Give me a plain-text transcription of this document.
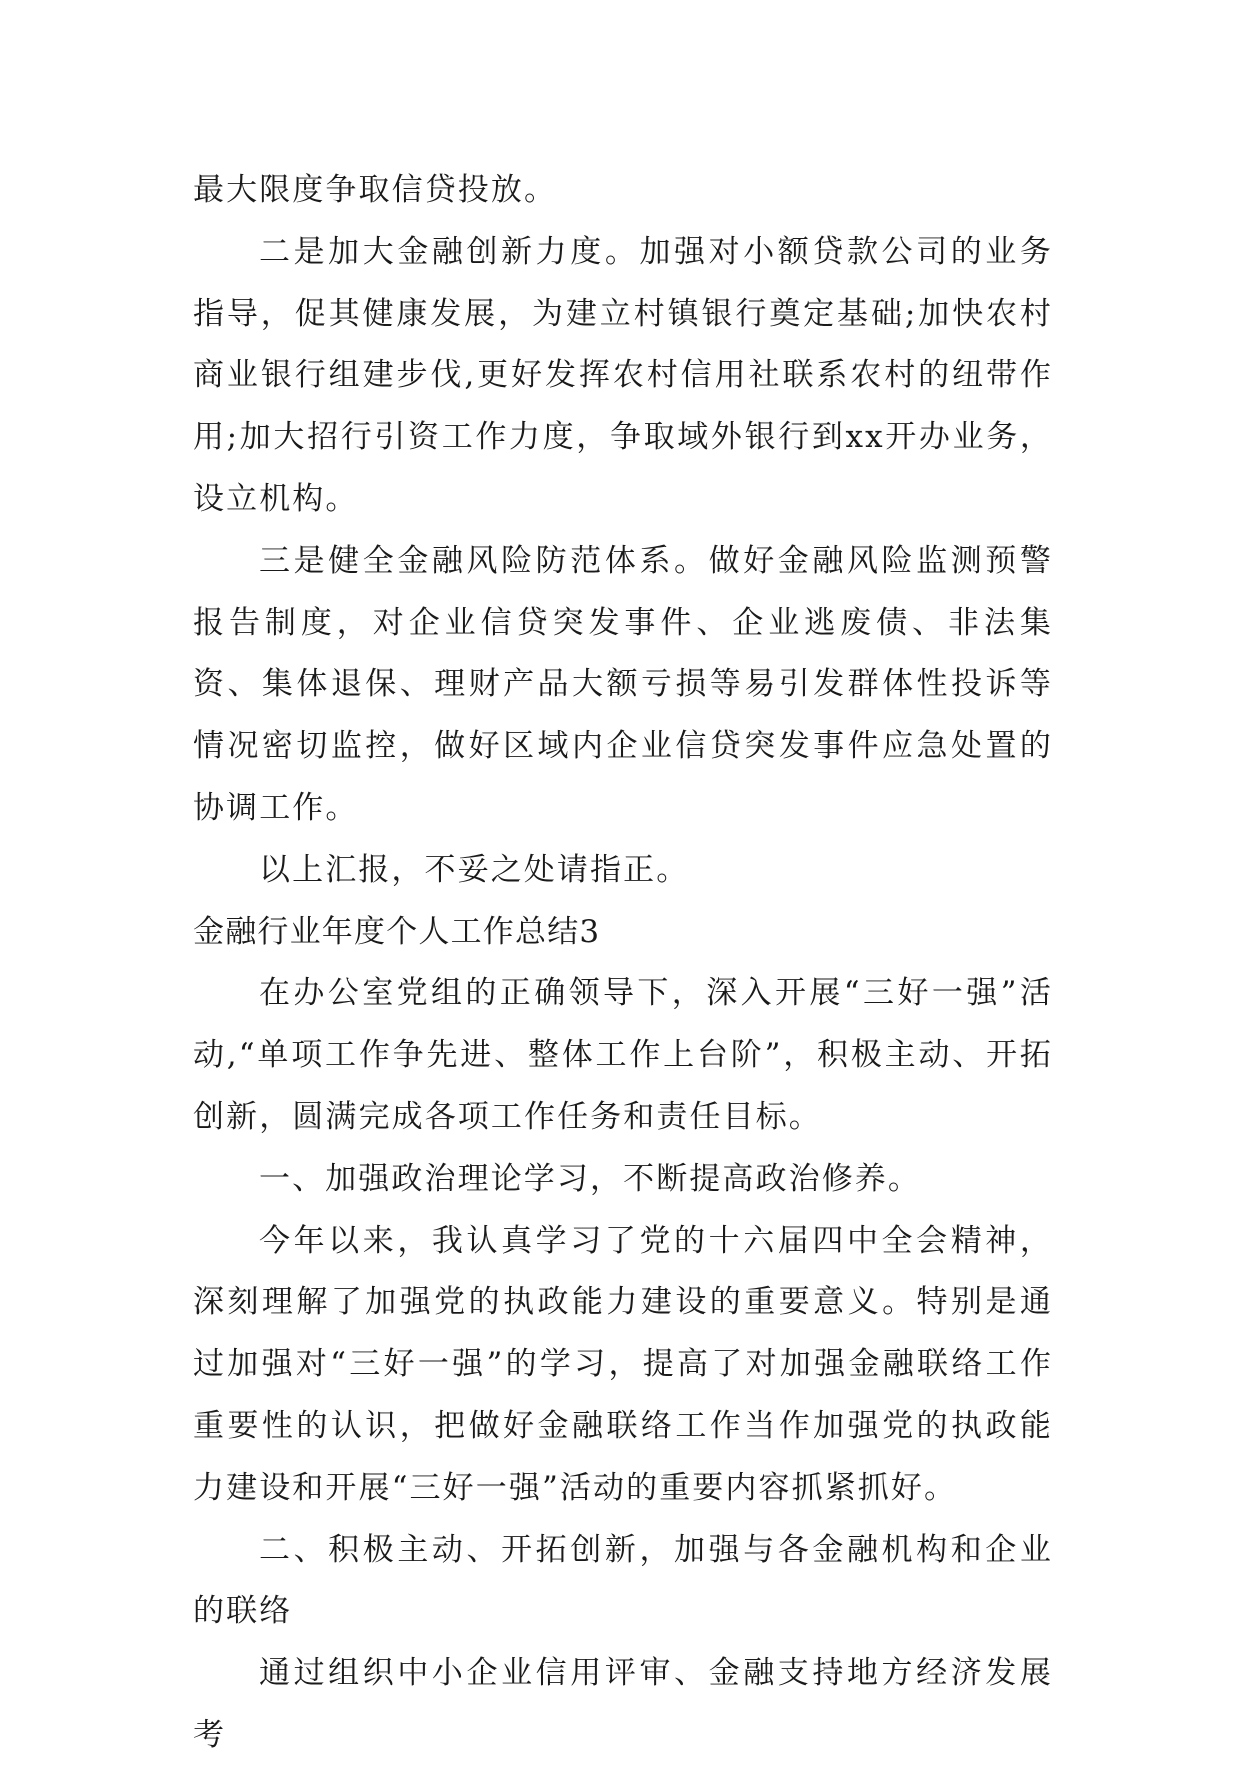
最大限度争取信贷投放。

二是加大金融创新力度。加强对小额贷款公司的业务指导，促其健康发展，为建立村镇银行奠定基础;加快农村商业银行组建步伐,更好发挥农村信用社联系农村的纽带作用;加大招行引资工作力度，争取域外银行到xx开办业务，设立机构。

三是健全金融风险防范体系。做好金融风险监测预警报告制度，对企业信贷突发事件、企业逃废债、非法集资、集体退保、理财产品大额亏损等易引发群体性投诉等情况密切监控，做好区域内企业信贷突发事件应急处置的协调工作。

以上汇报，不妥之处请指正。

金融行业年度个人工作总结3

在办公室党组的正确领导下，深入开展“三好一强”活动,“单项工作争先进、整体工作上台阶”，积极主动、开拓创新，圆满完成各项工作任务和责任目标。

一、加强政治理论学习，不断提高政治修养。

今年以来，我认真学习了党的十六届四中全会精神，深刻理解了加强党的执政能力建设的重要意义。特别是通过加强对“三好一强”的学习，提高了对加强金融联络工作重要性的认识，把做好金融联络工作当作加强党的执政能力建设和开展“三好一强”活动的重要内容抓紧抓好。

二、积极主动、开拓创新，加强与各金融机构和企业的联络

通过组织中小企业信用评审、金融支持地方经济发展考
